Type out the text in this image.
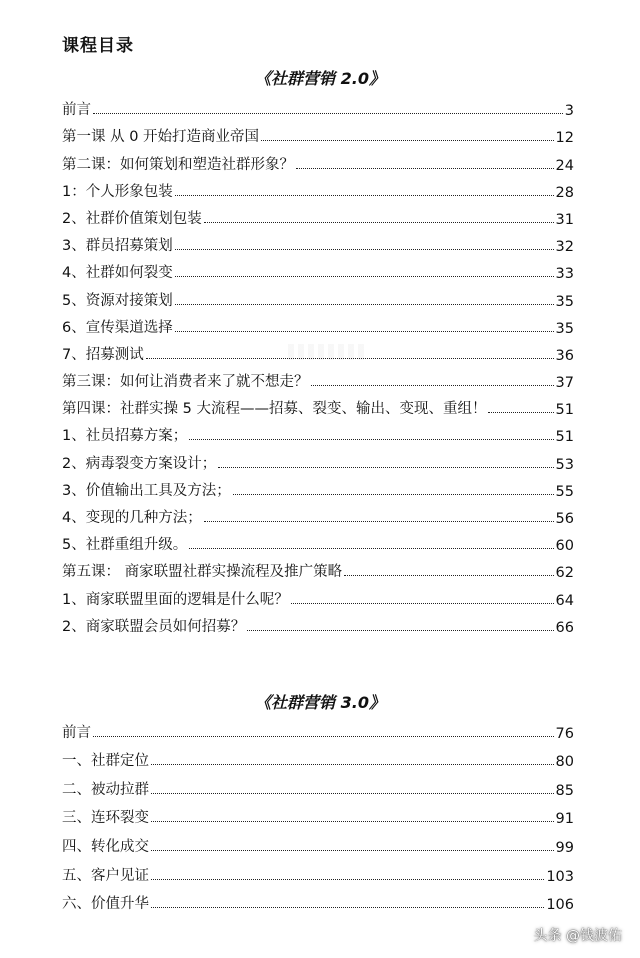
课程目录
《社群营销 2.0》
前言	3
第一课 从 0 开始打造商业帝国	12
第二课：如何策划和塑造社群形象？	24
1：个人形象包装	28
2、社群价值策划包装	31
3、群员招募策划	32
4、社群如何裂变	33
5、资源对接策划	35
6、宣传渠道选择	35
7、招募测试	36
第三课：如何让消费者来了就不想走？	37
第四课：社群实操 5 大流程——招募、裂变、输出、变现、重组！	51
1、社员招募方案；	51
2、病毒裂变方案设计；	53
3、价值输出工具及方法；	55
4、变现的几种方法；	56
5、社群重组升级。	60
第五课： 商家联盟社群实操流程及推广策略	62
1、商家联盟里面的逻辑是什么呢？	64
2、商家联盟会员如何招募？	66
《社群营销 3.0》
前言	76
一、社群定位	80
二、被动拉群	85
三、连环裂变	91
四、转化成交	99
五、客户见证	103
六、价值升华	106
头条 @钱波佑
